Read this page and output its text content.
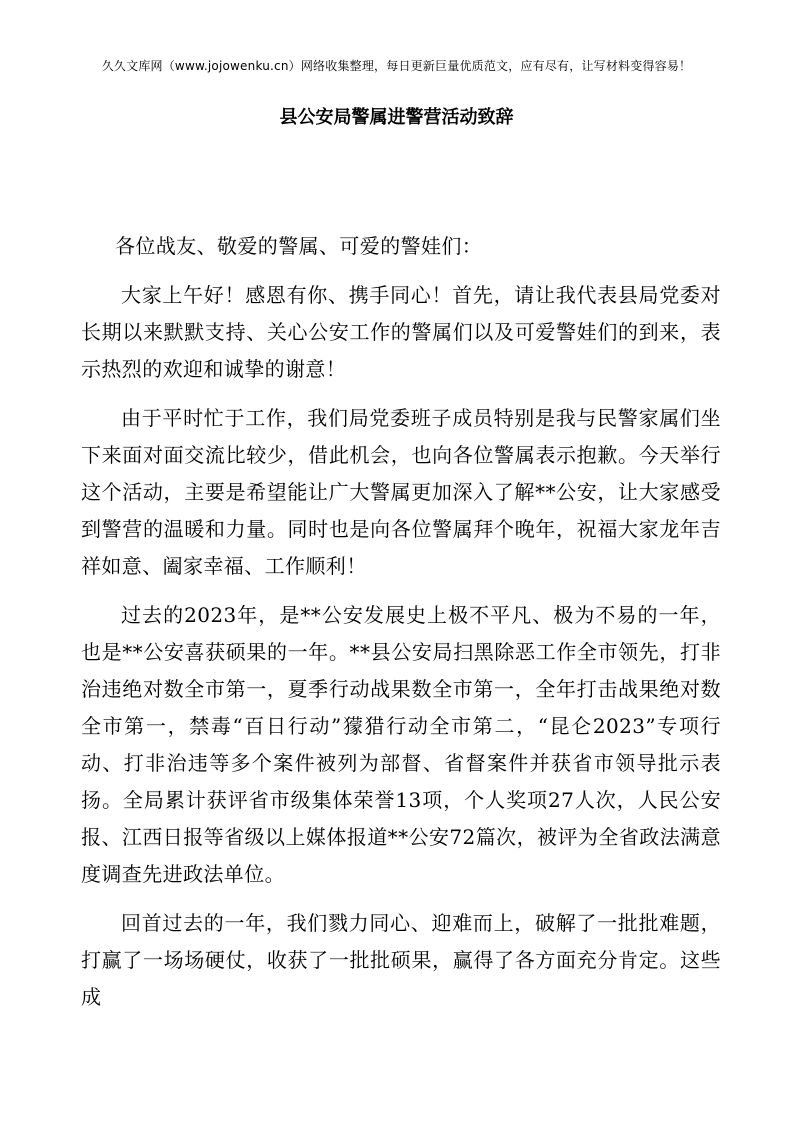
久久文库网（www.jojowenku.cn）网络收集整理，每日更新巨量优质范文，应有尽有，让写材料变得容易！
县公安局警属进警营活动致辞

各位战友、敬爱的警属、可爱的警娃们：

大家上午好！感恩有你、携手同心！首先，请让我代表县局党委对长期以来默默支持、关心公安工作的警属们以及可爱警娃们的到来，表示热烈的欢迎和诚挚的谢意！

由于平时忙于工作，我们局党委班子成员特别是我与民警家属们坐下来面对面交流比较少，借此机会，也向各位警属表示抱歉。今天举行这个活动，主要是希望能让广大警属更加深入了解**公安，让大家感受到警营的温暖和力量。同时也是向各位警属拜个晚年，祝福大家龙年吉祥如意、阖家幸福、工作顺利！

过去的2023年，是**公安发展史上极不平凡、极为不易的一年，也是**公安喜获硕果的一年。**县公安局扫黑除恶工作全市领先，打非治违绝对数全市第一，夏季行动战果数全市第一，全年打击战果绝对数全市第一，禁毒“百日行动”獴猎行动全市第二，“昆仑2023”专项行动、打非治违等多个案件被列为部督、省督案件并获省市领导批示表扬。全局累计获评省市级集体荣誉13项，个人奖项27人次，人民公安报、江西日报等省级以上媒体报道**公安72篇次，被评为全省政法满意度调查先进政法单位。

回首过去的一年，我们戮力同心、迎难而上，破解了一批批难题，打赢了一场场硬仗，收获了一批批硕果，赢得了各方面充分肯定。这些成
